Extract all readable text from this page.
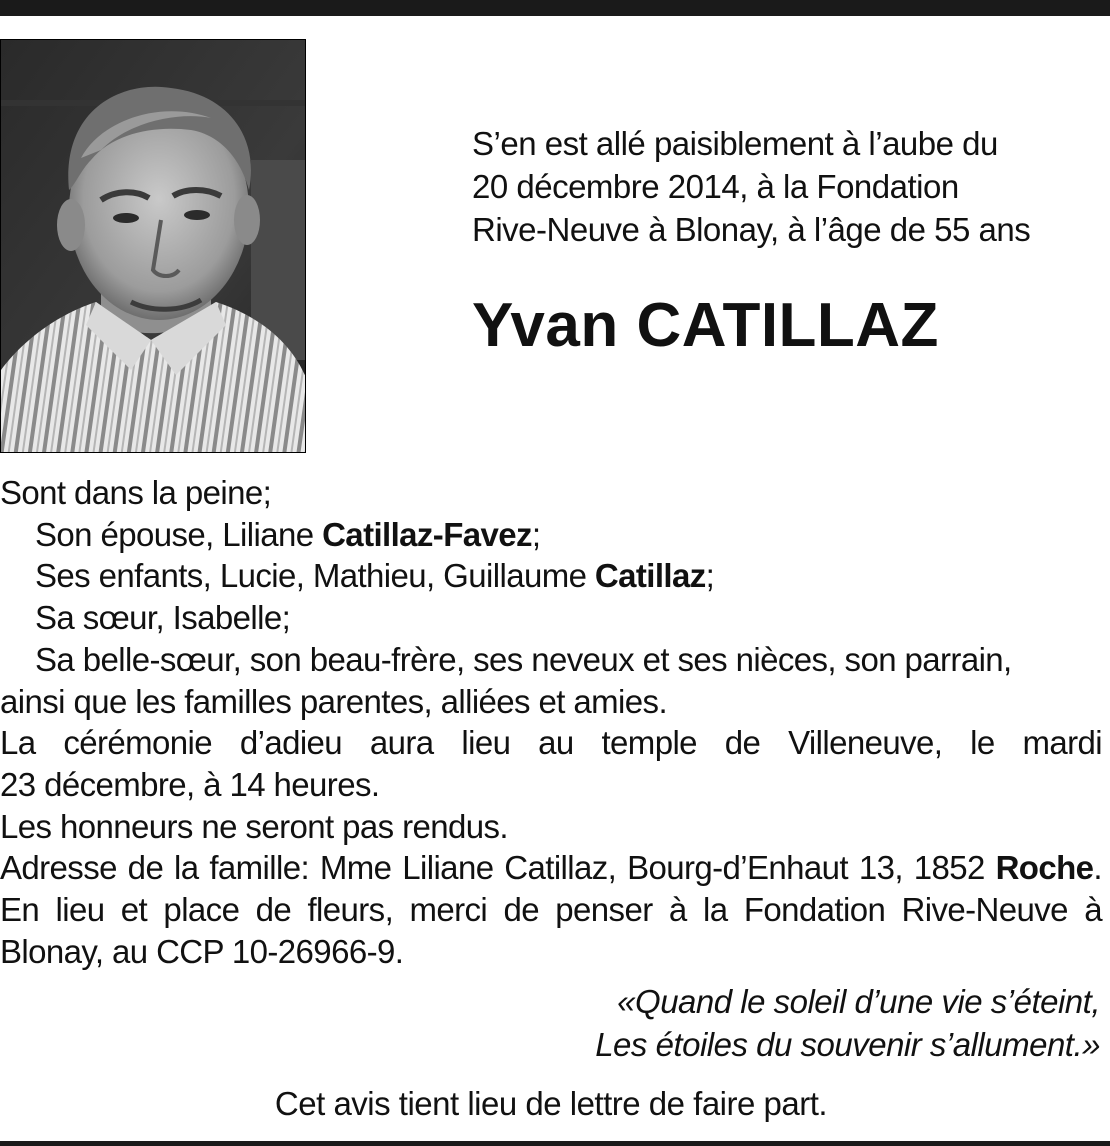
S’en est allé paisiblement à l’aube du
20 décembre 2014, à la Fondation
Rive-Neuve à Blonay, à l’âge de 55 ans
Yvan CATILLAZ
Sont dans la peine;
Son épouse, Liliane Catillaz-Favez;
Ses enfants, Lucie, Mathieu, Guillaume Catillaz;
Sa sœur, Isabelle;
Sa belle-sœur, son beau-frère, ses neveux et ses nièces, son parrain,
ainsi que les familles parentes, alliées et amies.
La cérémonie d’adieu aura lieu au temple de Villeneuve, le mardi
23 décembre, à 14 heures.
Les honneurs ne seront pas rendus.
Adresse de la famille: Mme Liliane Catillaz, Bourg-d’Enhaut 13, 1852 Roche.
En lieu et place de fleurs, merci de penser à la Fondation Rive-Neuve à
Blonay, au CCP 10-26966-9.
«Quand le soleil d’une vie s’éteint,
Les étoiles du souvenir s’allument.»
Cet avis tient lieu de lettre de faire part.
